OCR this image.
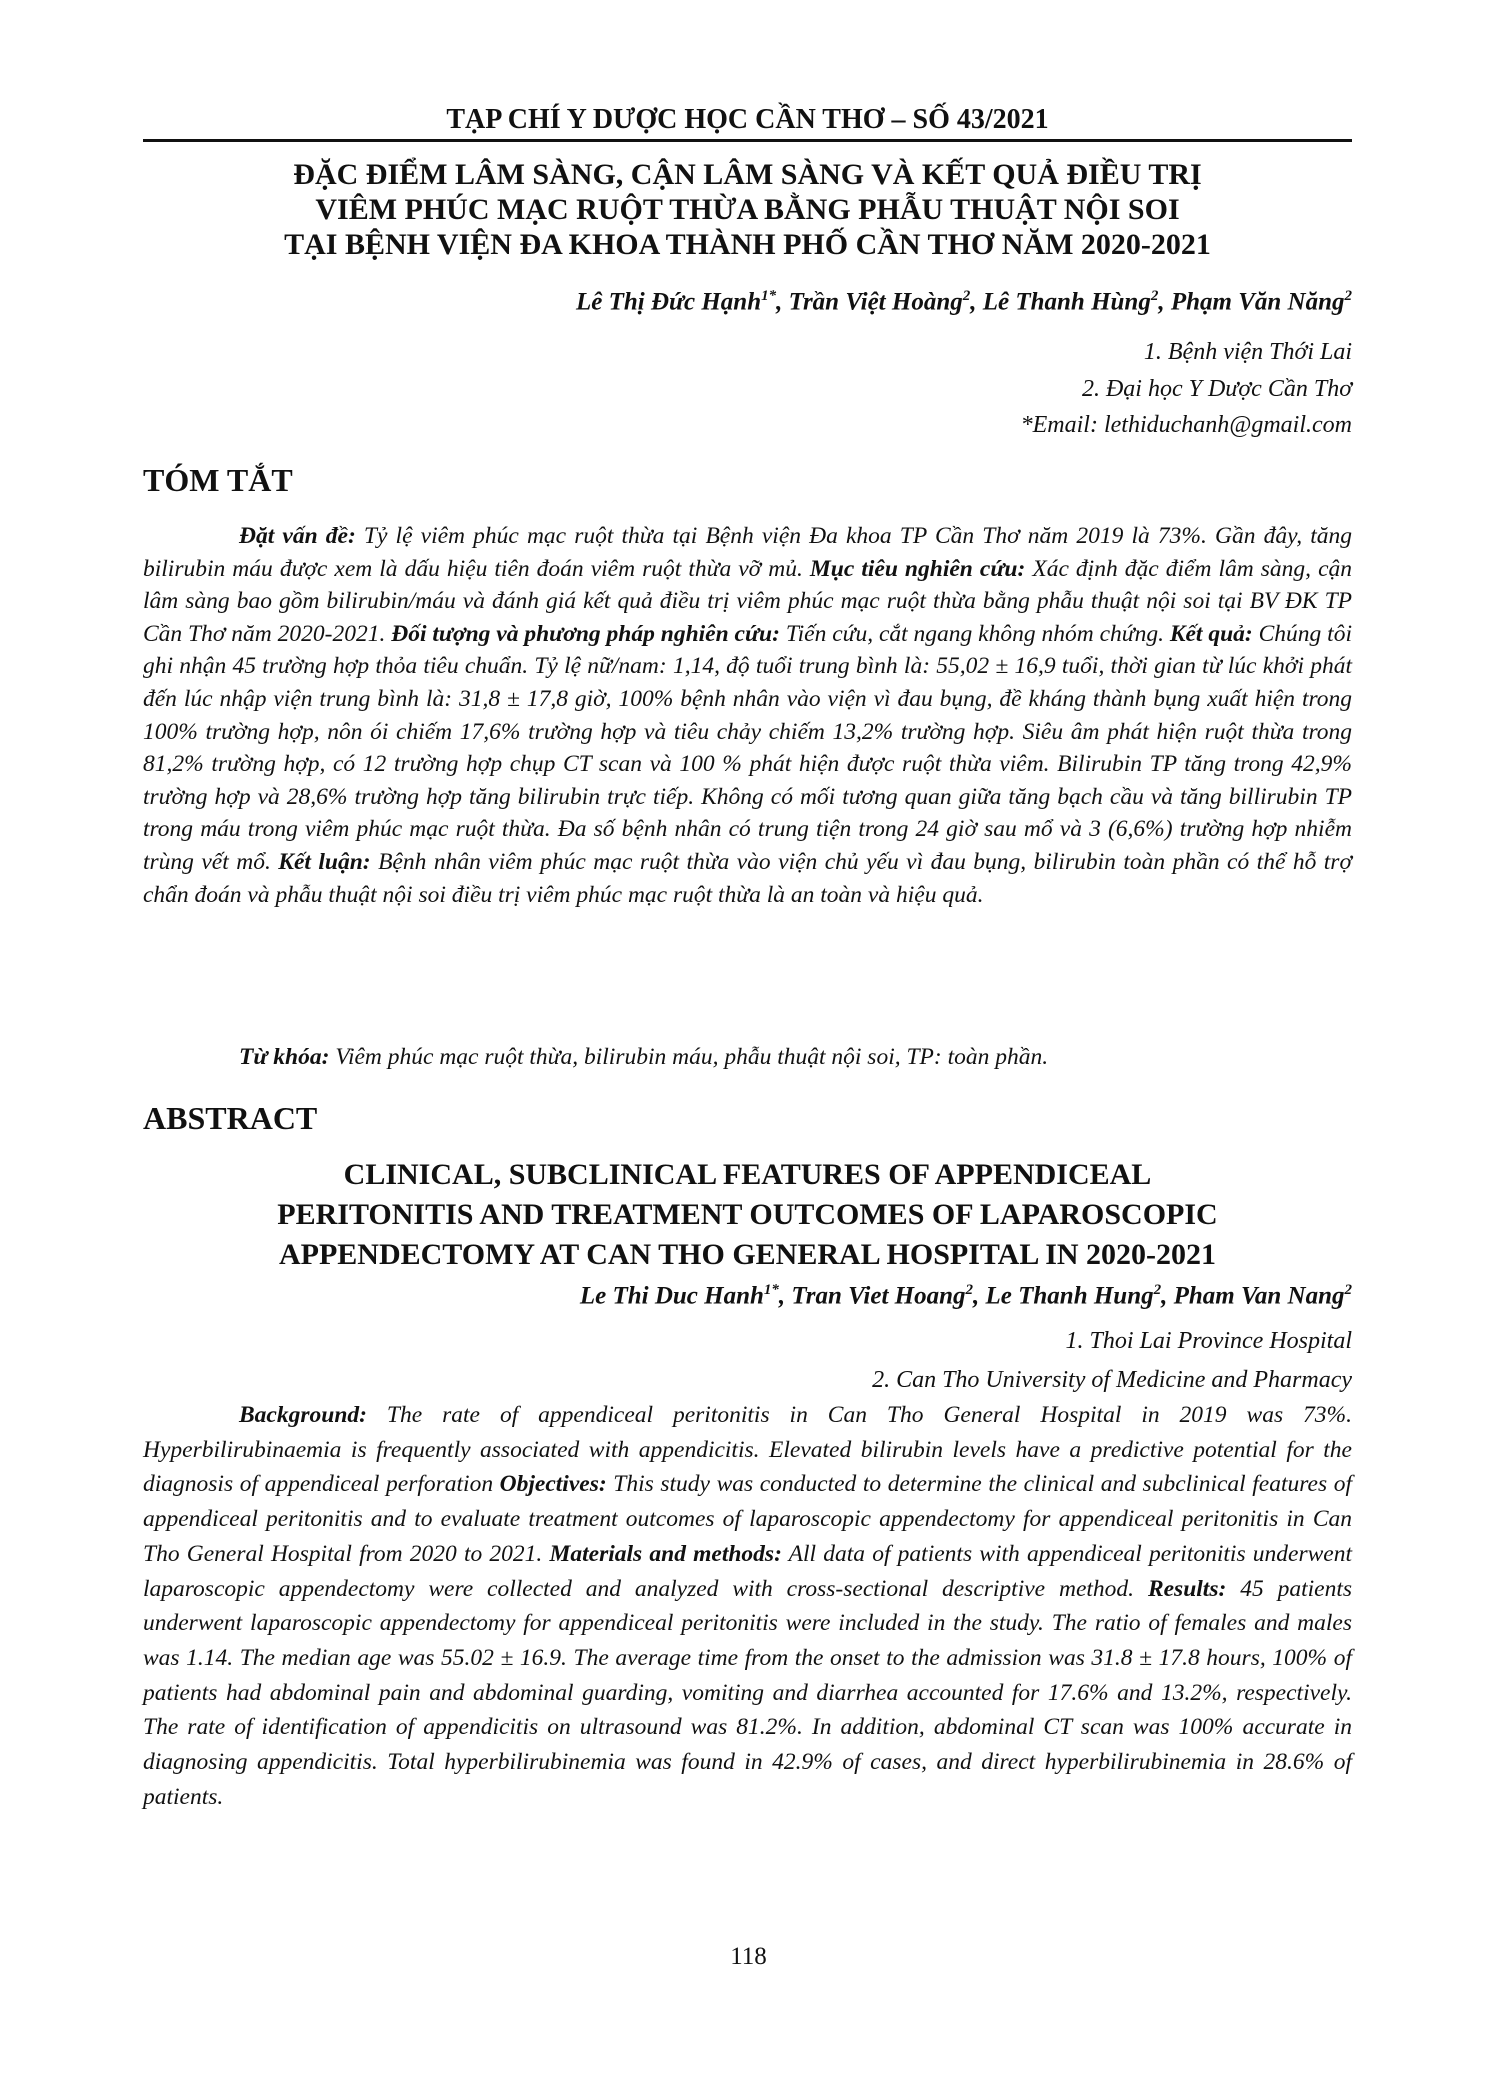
TẠP CHÍ Y DƯỢC HỌC CẦN THƠ – SỐ 43/2021
ĐẶC ĐIỂM LÂM SÀNG, CẬN LÂM SÀNG VÀ KẾT QUẢ ĐIỀU TRỊ
VIÊM PHÚC MẠC RUỘT THỪA BẰNG PHẪU THUẬT NỘI SOI
TẠI BỆNH VIỆN ĐA KHOA THÀNH PHỐ CẦN THƠ NĂM 2020-2021
Lê Thị Đức Hạnh$^{1*}$, Trần Việt Hoàng$^2$, Lê Thanh Hùng$^2$, Phạm Văn Năng$^2$
1. Bệnh viện Thới Lai
2. Đại học Y Dược Cần Thơ
*Email: lethiduchanh@gmail.com
TÓM TẮT
Đặt vấn đề: Tỷ lệ viêm phúc mạc ruột thừa tại Bệnh viện Đa khoa TP Cần Thơ năm 2019 là 73%. Gần đây, tăng bilirubin máu được xem là dấu hiệu tiên đoán viêm ruột thừa vỡ mủ. Mục tiêu nghiên cứu: Xác định đặc điểm lâm sàng, cận lâm sàng bao gồm bilirubin/máu và đánh giá kết quả điều trị viêm phúc mạc ruột thừa bằng phẫu thuật nội soi tại BV ĐK TP Cần Thơ năm 2020-2021. Đối tượng và phương pháp nghiên cứu: Tiến cứu, cắt ngang không nhóm chứng. Kết quả: Chúng tôi ghi nhận 45 trường hợp thỏa tiêu chuẩn. Tỷ lệ nữ/nam: 1,14, độ tuổi trung bình là: 55,02 ± 16,9 tuổi, thời gian từ lúc khởi phát đến lúc nhập viện trung bình là: 31,8 ± 17,8 giờ, 100% bệnh nhân vào viện vì đau bụng, đề kháng thành bụng xuất hiện trong 100% trường hợp, nôn ói chiếm 17,6% trường hợp và tiêu chảy chiếm 13,2% trường hợp. Siêu âm phát hiện ruột thừa trong 81,2% trường hợp, có 12 trường hợp chụp CT scan và 100 % phát hiện được ruột thừa viêm. Bilirubin TP tăng trong 42,9% trường hợp và 28,6% trường hợp tăng bilirubin trực tiếp. Không có mối tương quan giữa tăng bạch cầu và tăng billirubin TP trong máu trong viêm phúc mạc ruột thừa. Đa số bệnh nhân có trung tiện trong 24 giờ sau mổ và 3 (6,6%) trường hợp nhiễm trùng vết mổ. Kết luận: Bệnh nhân viêm phúc mạc ruột thừa vào viện chủ yếu vì đau bụng, bilirubin toàn phần có thể hỗ trợ chẩn đoán và phẫu thuật nội soi điều trị viêm phúc mạc ruột thừa là an toàn và hiệu quả.
Từ khóa: Viêm phúc mạc ruột thừa, bilirubin máu, phẫu thuật nội soi, TP: toàn phần.
ABSTRACT
CLINICAL, SUBCLINICAL FEATURES OF APPENDICEAL
PERITONITIS AND TREATMENT OUTCOMES OF LAPAROSCOPIC
APPENDECTOMY AT CAN THO GENERAL HOSPITAL IN 2020-2021
Le Thi Duc Hanh$^{1*}$, Tran Viet Hoang$^2$, Le Thanh Hung$^2$, Pham Van Nang$^2$
1. Thoi Lai Province Hospital
2. Can Tho University of Medicine and Pharmacy
Background: The rate of appendiceal peritonitis in Can Tho General Hospital in 2019 was 73%. Hyperbilirubinaemia is frequently associated with appendicitis. Elevated bilirubin levels have a predictive potential for the diagnosis of appendiceal perforation Objectives: This study was conducted to determine the clinical and subclinical features of appendiceal peritonitis and to evaluate treatment outcomes of laparoscopic appendectomy for appendiceal peritonitis in Can Tho General Hospital from 2020 to 2021. Materials and methods: All data of patients with appendiceal peritonitis underwent laparoscopic appendectomy were collected and analyzed with cross-sectional descriptive method. Results: 45 patients underwent laparoscopic appendectomy for appendiceal peritonitis were included in the study. The ratio of females and males was 1.14. The median age was 55.02 ± 16.9. The average time from the onset to the admission was 31.8 ± 17.8 hours, 100% of patients had abdominal pain and abdominal guarding, vomiting and diarrhea accounted for 17.6% and 13.2%, respectively. The rate of identification of appendicitis on ultrasound was 81.2%. In addition, abdominal CT scan was 100% accurate in diagnosing appendicitis. Total hyperbilirubinemia was found in 42.9% of cases, and direct hyperbilirubinemia in 28.6% of patients.
118
